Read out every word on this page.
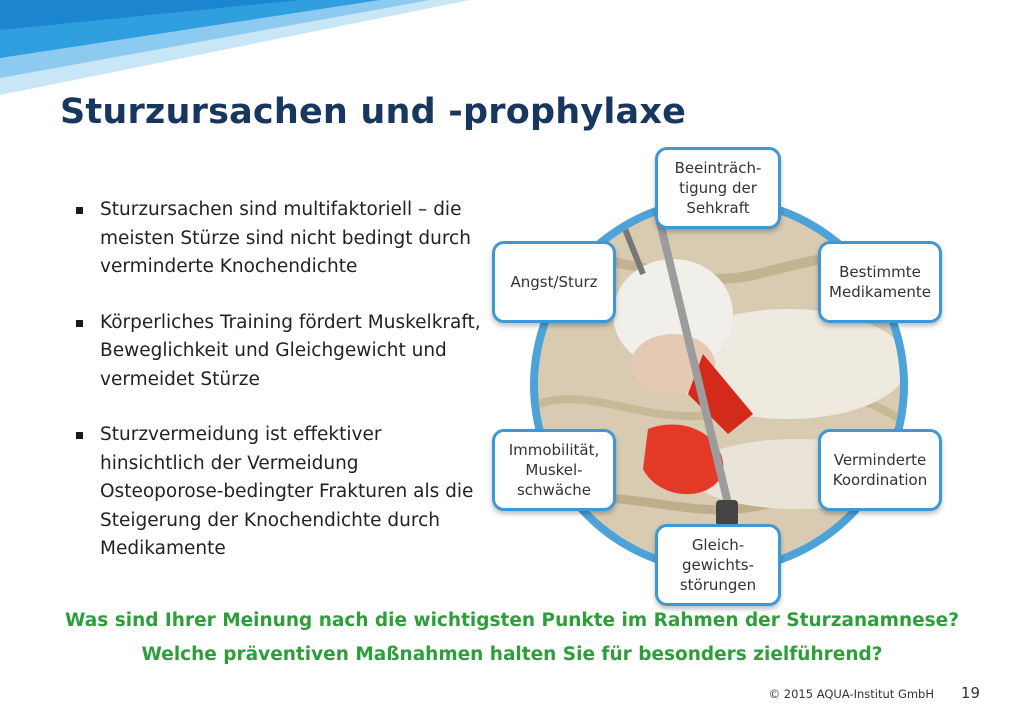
Sturzursachen und -prophylaxe
Sturzursachen sind multifaktoriell – die meisten Stürze sind nicht bedingt durch verminderte Knochendichte
Körperliches Training fördert Muskelkraft, Beweglichkeit und Gleichgewicht und vermeidet Stürze
Sturzvermeidung ist effektiver hinsichtlich der Vermeidung Osteoporose-bedingter Frakturen als die Steigerung der Knochendichte durch Medikamente
Beeinträch-tigung der Sehkraft
Bestimmte Medikamente
Verminderte Koordination
Gleich-gewichts-störungen
Immobilität, Muskel-schwäche
Angst/Sturz
Was sind Ihrer Meinung nach die wichtigsten Punkte im Rahmen der Sturzanamnese?
Welche präventiven Maßnahmen halten Sie für besonders zielführend?
© 2015 AQUA-Institut GmbH 19
